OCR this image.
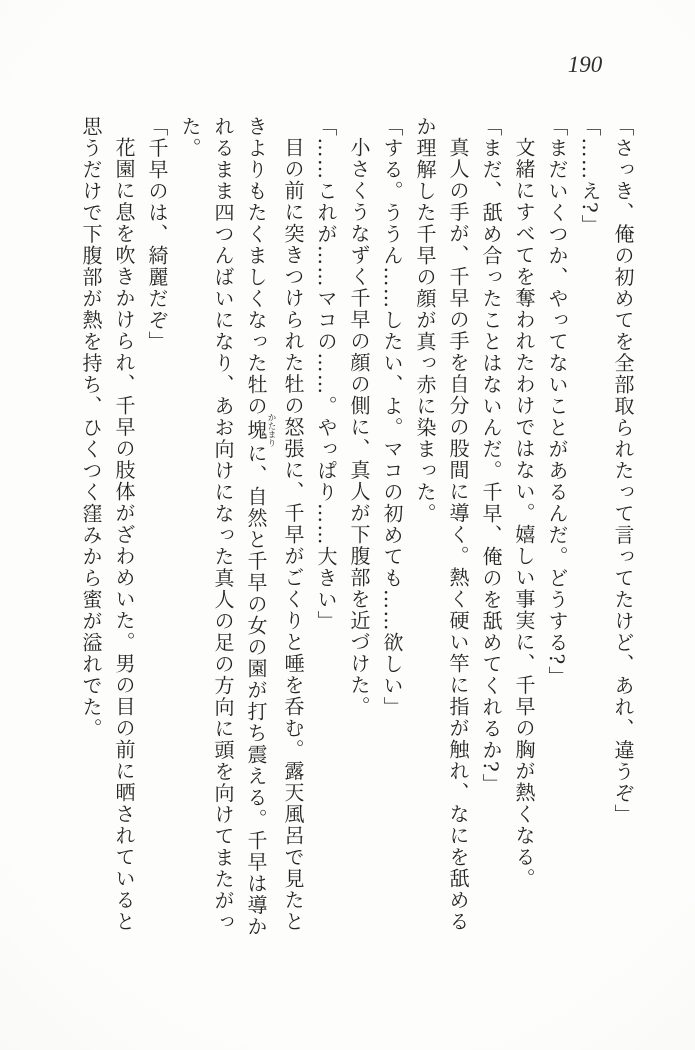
190

「さっき、俺の初めてを全部取られたって言ってたけど、あれ、違うぞ」

「……え?」

「まだいくつか、やってないことがあるんだ。どうする?」

文緒にすべてを奪われたわけではない。嬉しい事実に、千早の胸が熱くなる。

「まだ、舐め合ったことはないんだ。千早、俺のを舐めてくれるか?」

真人の手が、千早の手を自分の股間に導く。熱く硬い竿に指が触れ、なにを舐める

か理解した千早の顔が真っ赤に染まった。

「する。ううん……したい、よ。マコの初めても……欲しい」

小さくうなずく千早の顔の側に、真人が下腹部を近づけた。

「……これが……マコの……。やっぱり……大きい」

目の前に突きつけられた牡の怒張に、千早がごくりと唾を呑む。露天風呂で見たと

きよりもたくましくなった牡の塊かたまりに、自然と千早の女の園が打ち震える。千早は導か

れるまま四つんばいになり、あお向けになった真人の足の方向に頭を向けてまたがっ

た。

「千早のは、綺麗だぞ」

花園に息を吹きかけられ、千早の肢体がざわめいた。男の目の前に晒されていると

思うだけで下腹部が熱を持ち、ひくつく窪みから蜜が溢れでた。
